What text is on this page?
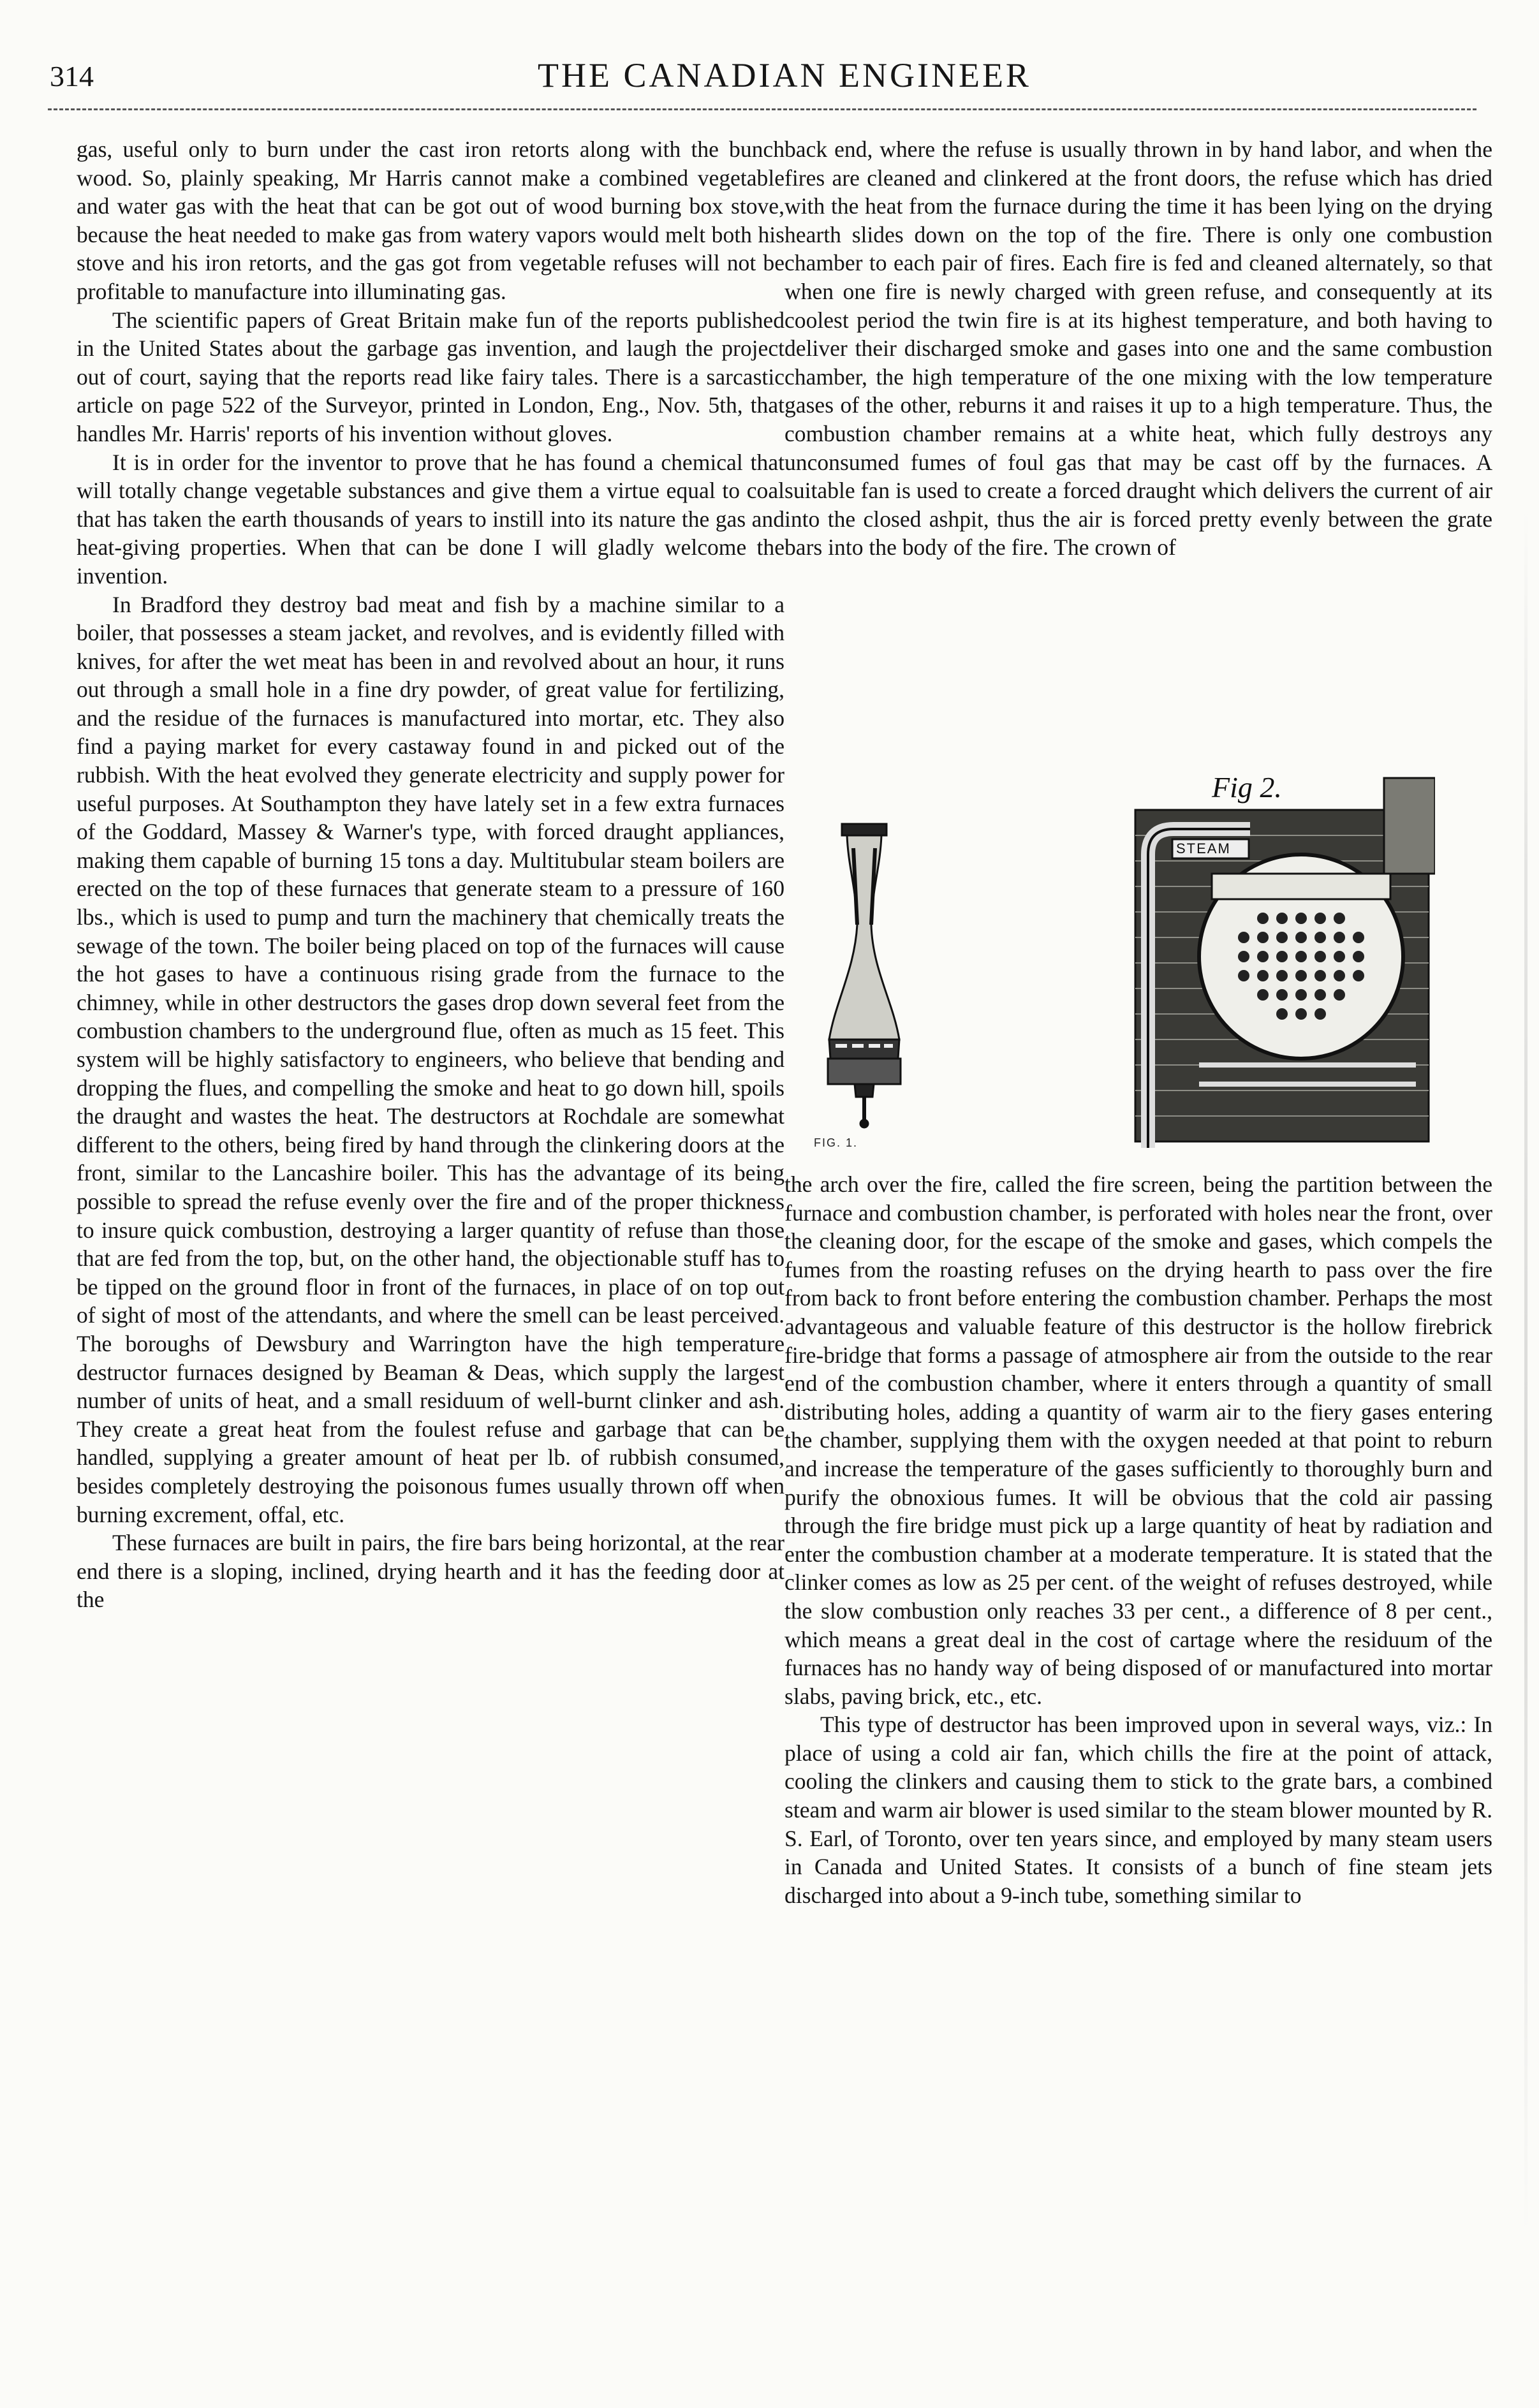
314	THE CANADIAN ENGINEER

gas, useful only to burn under the cast iron retorts along with the bunch wood. So, plainly speaking, Mr Harris cannot make a combined vegetable and water gas with the heat that can be got out of wood burning box stove, because the heat needed to make gas from watery vapors would melt both his stove and his iron retorts, and the gas got from vegetable refuses will not be profitable to manufacture into illuminating gas.

The scientific papers of Great Britain make fun of the reports published in the United States about the garbage gas invention, and laugh the project out of court, saying that the reports read like fairy tales. There is a sarcastic article on page 522 of the Surveyor, printed in London, Eng., Nov. 5th, that handles Mr. Harris' reports of his invention without gloves.

It is in order for the inventor to prove that he has found a chemical that will totally change vegetable substances and give them a virtue equal to coal that has taken the earth thousands of years to instill into its nature the gas and heat-giving properties. When that can be done I will gladly welcome the invention.

In Bradford they destroy bad meat and fish by a machine similar to a boiler, that possesses a steam jacket, and revolves, and is evidently filled with knives, for after the wet meat has been in and revolved about an hour, it runs out through a small hole in a fine dry powder, of great value for fertilizing, and the residue of the furnaces is manufactured into mortar, etc. They also find a paying market for every castaway found in and picked out of the rubbish. With the heat evolved they generate electricity and supply power for useful purposes. At Southampton they have lately set in a few extra furnaces of the Goddard, Massey & Warner's type, with forced draught appliances, making them capable of burning 15 tons a day. Multitubular steam boilers are erected on the top of these furnaces that generate steam to a pressure of 160 lbs., which is used to pump and turn the machinery that chemically treats the sewage of the town. The boiler being placed on top of the furnaces will cause the hot gases to have a continuous rising grade from the furnace to the chimney, while in other destructors the gases drop down several feet from the combustion chambers to the underground flue, often as much as 15 feet. This system will be highly satisfactory to engineers, who believe that bending and dropping the flues, and compelling the smoke and heat to go down hill, spoils the draught and wastes the heat. The destructors at Rochdale are somewhat different to the others, being fired by hand through the clinkering doors at the front, similar to the Lancashire boiler. This has the advantage of its being possible to spread the refuse evenly over the fire and of the proper thickness to insure quick combustion, destroying a larger quantity of refuse than those that are fed from the top, but, on the other hand, the objectionable stuff has to be tipped on the ground floor in front of the furnaces, in place of on top out of sight of most of the attendants, and where the smell can be least perceived. The boroughs of Dewsbury and Warrington have the high temperature destructor furnaces designed by Beaman & Deas, which supply the largest number of units of heat, and a small residuum of well-burnt clinker and ash. They create a great heat from the foulest refuse and garbage that can be handled, supplying a greater amount of heat per lb. of rubbish consumed, besides completely destroying the poisonous fumes usually thrown off when burning excrement, offal, etc.

These furnaces are built in pairs, the fire bars being horizontal, at the rear end there is a sloping, inclined, drying hearth and it has the feeding door at the

back end, where the refuse is usually thrown in by hand labor, and when the fires are cleaned and clinkered at the front doors, the refuse which has dried with the heat from the furnace during the time it has been lying on the drying hearth slides down on the top of the fire. There is only one combustion chamber to each pair of fires. Each fire is fed and cleaned alternately, so that when one fire is newly charged with green refuse, and consequently at its coolest period the twin fire is at its highest temperature, and both having to deliver their discharged smoke and gases into one and the same combustion chamber, the high temperature of the one mixing with the low temperature gases of the other, reburns it and raises it up to a high temperature. Thus, the combustion chamber remains at a white heat, which fully destroys any unconsumed fumes of foul gas that may be cast off by the furnaces. A suitable fan is used to create a forced draught which delivers the current of air into the closed ashpit, thus the air is forced pretty evenly between the grate bars into the body of the fire. The crown of

FIG. 1.
Fig 2.
STEAM

the arch over the fire, called the fire screen, being the partition between the furnace and combustion chamber, is perforated with holes near the front, over the cleaning door, for the escape of the smoke and gases, which compels the fumes from the roasting refuses on the drying hearth to pass over the fire from back to front before entering the combustion chamber. Perhaps the most advantageous and valuable feature of this destructor is the hollow firebrick fire-bridge that forms a passage of atmosphere air from the outside to the rear end of the combustion chamber, where it enters through a quantity of small distributing holes, adding a quantity of warm air to the fiery gases entering the chamber, supplying them with the oxygen needed at that point to reburn and increase the temperature of the gases sufficiently to thoroughly burn and purify the obnoxious fumes. It will be obvious that the cold air passing through the fire bridge must pick up a large quantity of heat by radiation and enter the combustion chamber at a moderate temperature. It is stated that the clinker comes as low as 25 per cent. of the weight of refuses destroyed, while the slow combustion only reaches 33 per cent., a difference of 8 per cent., which means a great deal in the cost of cartage where the residuum of the furnaces has no handy way of being disposed of or manufactured into mortar slabs, paving brick, etc., etc.

This type of destructor has been improved upon in several ways, viz.: In place of using a cold air fan, which chills the fire at the point of attack, cooling the clinkers and causing them to stick to the grate bars, a combined steam and warm air blower is used similar to the steam blower mounted by R. S. Earl, of Toronto, over ten years since, and employed by many steam users in Canada and United States. It consists of a bunch of fine steam jets discharged into about a 9-inch tube, something similar to
